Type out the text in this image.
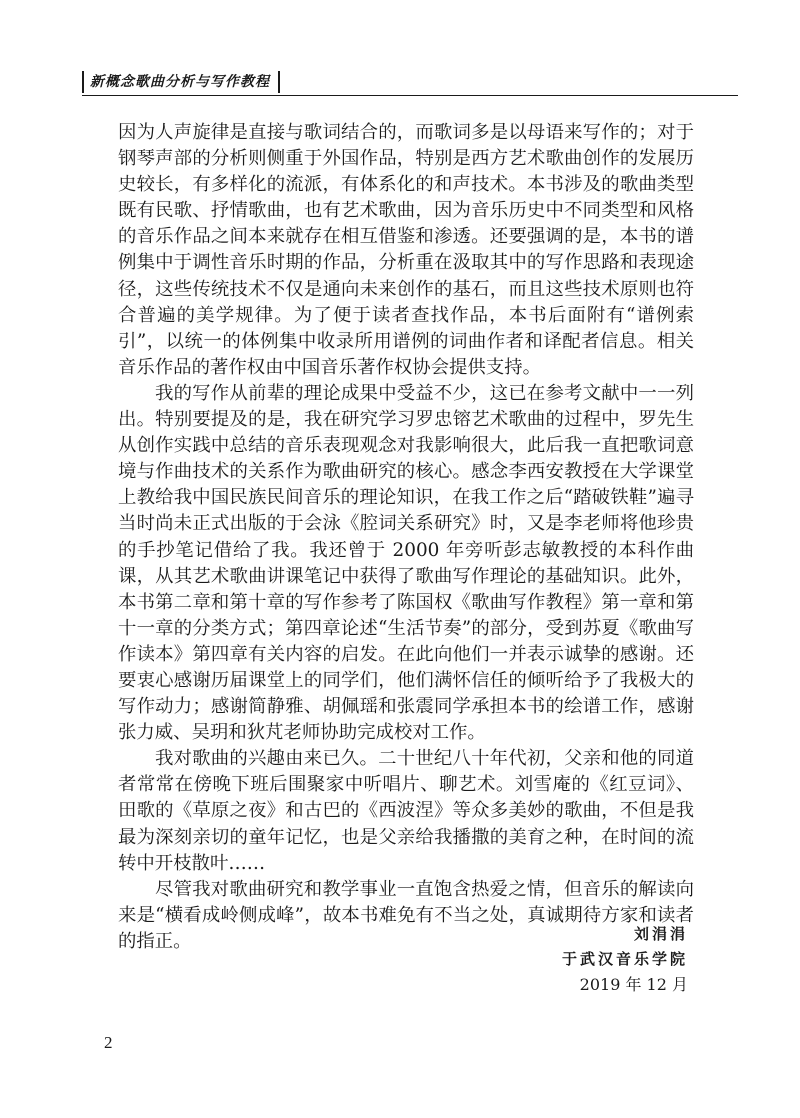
新概念歌曲分析与写作教程

因为人声旋律是直接与歌词结合的，而歌词多是以母语来写作的；对于钢琴声部的分析则侧重于外国作品，特别是西方艺术歌曲创作的发展历史较长，有多样化的流派，有体系化的和声技术。本书涉及的歌曲类型既有民歌、抒情歌曲，也有艺术歌曲，因为音乐历史中不同类型和风格的音乐作品之间本来就存在相互借鉴和渗透。还要强调的是，本书的谱例集中于调性音乐时期的作品，分析重在汲取其中的写作思路和表现途径，这些传统技术不仅是通向未来创作的基石，而且这些技术原则也符合普遍的美学规律。为了便于读者查找作品，本书后面附有“谱例索引”，以统一的体例集中收录所用谱例的词曲作者和译配者信息。相关音乐作品的著作权由中国音乐著作权协会提供支持。

我的写作从前辈的理论成果中受益不少，这已在参考文献中一一列出。特别要提及的是，我在研究学习罗忠镕艺术歌曲的过程中，罗先生从创作实践中总结的音乐表现观念对我影响很大，此后我一直把歌词意境与作曲技术的关系作为歌曲研究的核心。感念李西安教授在大学课堂上教给我中国民族民间音乐的理论知识，在我工作之后“踏破铁鞋”遍寻当时尚未正式出版的于会泳《腔词关系研究》时，又是李老师将他珍贵的手抄笔记借给了我。我还曾于 2000 年旁听彭志敏教授的本科作曲课，从其艺术歌曲讲课笔记中获得了歌曲写作理论的基础知识。此外，本书第二章和第十章的写作参考了陈国权《歌曲写作教程》第一章和第十一章的分类方式；第四章论述“生活节奏”的部分，受到苏夏《歌曲写作读本》第四章有关内容的启发。在此向他们一并表示诚挚的感谢。还要衷心感谢历届课堂上的同学们，他们满怀信任的倾听给予了我极大的写作动力；感谢简静雅、胡佩瑶和张震同学承担本书的绘谱工作，感谢张力威、吴玥和狄芃老师协助完成校对工作。

我对歌曲的兴趣由来已久。二十世纪八十年代初，父亲和他的同道者常常在傍晚下班后围聚家中听唱片、聊艺术。刘雪庵的《红豆词》、田歌的《草原之夜》和古巴的《西波涅》等众多美妙的歌曲，不但是我最为深刻亲切的童年记忆，也是父亲给我播撒的美育之种，在时间的流转中开枝散叶……

尽管我对歌曲研究和教学事业一直饱含热爱之情，但音乐的解读向来是“横看成岭侧成峰”，故本书难免有不当之处，真诚期待方家和读者的指正。	刘涓涓
于武汉音乐学院
2019 年 12 月
2
